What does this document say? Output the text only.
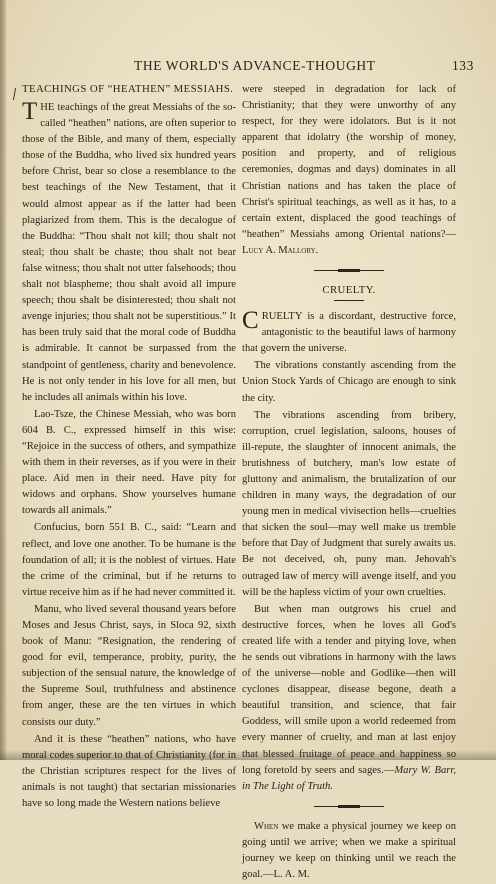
THE WORLD'S ADVANCE-THOUGHT	133
TEACHINGS OF “HEATHEN” MESSIAHS.

THE teachings of the great Messiahs of the so-called “heathen” nations, are often superior to those of the Bible, and many of them, especially those of the Buddha, who lived six hundred years before Christ, bear so close a resemblance to the best teachings of the New Testament, that it would almost appear as if the latter had been plagiarized from them. This is the decalogue of the Buddha: “Thou shalt not kill; thou shalt not steal; thou shalt be chaste; thou shalt not bear false witness; thou shalt not utter falsehoods; thou shalt not blaspheme; thou shalt avoid all impure speech; thou shalt be disinterested; thou shalt not avenge injuries; thou shalt not be superstitious.” It has been truly said that the moral code of Buddha is admirable. It cannot be surpassed from the standpoint of gentleness, charity and benevolence. He is not only tender in his love for all men, but he includes all animals within his love.

Lao-Tsze, the Chinese Messiah, who was born 604 B. C., expressed himself in this wise: “Rejoice in the success of others, and sympathize with them in their reverses, as if you were in their place. Aid men in their need. Have pity for widows and orphans. Show yourselves humane towards all animals.”

Confucius, born 551 B. C., said: “Learn and reflect, and love one another. To be humane is the foundation of all; it is the noblest of virtues. Hate the crime of the criminal, but if he returns to virtue receive him as if he had never committed it.

Manu, who lived several thousand years before Moses and Jesus Christ, says, in Sloca 92, sixth book of Manu: “Resignation, the rendering of good for evil, temperance, probity, purity, the subjection of the sensual nature, the knowledge of the Supreme Soul, truthfulness and abstinence from anger, these are the ten virtues in which consists our duty.”

And it is these “heathen” nations, who have moral codes superior to that of Christianity (for in the Christian scriptures respect for the lives of animals is not taught) that sectarian missionaries have so long made the Western nations believe

were steeped in degradation for lack of Christianity; that they were unworthy of any respect, for they were idolators. But is it not apparent that idolatry (the worship of money, position and property, and of religious ceremonies, dogmas and days) dominates in all Christian nations and has taken the place of Christ's spiritual teachings, as well as it has, to a certain extent, displaced the good teachings of “heathen” Messiahs among Oriental nations?—Lucy A. Mallory.

CRUELTY.

CRUELTY is a discordant, destructive force, antagonistic to the beautiful laws of harmony that govern the universe.

The vibrations constantly ascending from the Union Stock Yards of Chicago are enough to sink the city.

The vibrations ascending from bribery, corruption, cruel legislation, saloons, houses of ill-repute, the slaughter of innocent animals, the brutishness of butchery, man's low estate of gluttony and animalism, the brutalization of our children in many ways, the degradation of our young men in medical vivisection hells—cruelties that sicken the soul—may well make us tremble before that Day of Judgment that surely awaits us. Be not deceived, oh, puny man. Jehovah's outraged law of mercy will avenge itself, and you will be the hapless victim of your own cruelties.

But when man outgrows his cruel and destructive forces, when he loves all God's created life with a tender and pitying love, when he sends out vibrations in harmony with the laws of the universe—noble and Godlike—then will cyclones disappear, disease begone, death a beautiful transition, and science, that fair Goddess, will smile upon a world redeemed from every manner of cruelty, and man at last enjoy that blessed fruitage of peace and happiness so long foretold by seers and sages.—Mary W. Barr, in The Light of Truth.

When we make a physical journey we keep on going until we arrive; when we make a spiritual journey we keep on thinking until we reach the goal.—L. A. M.
